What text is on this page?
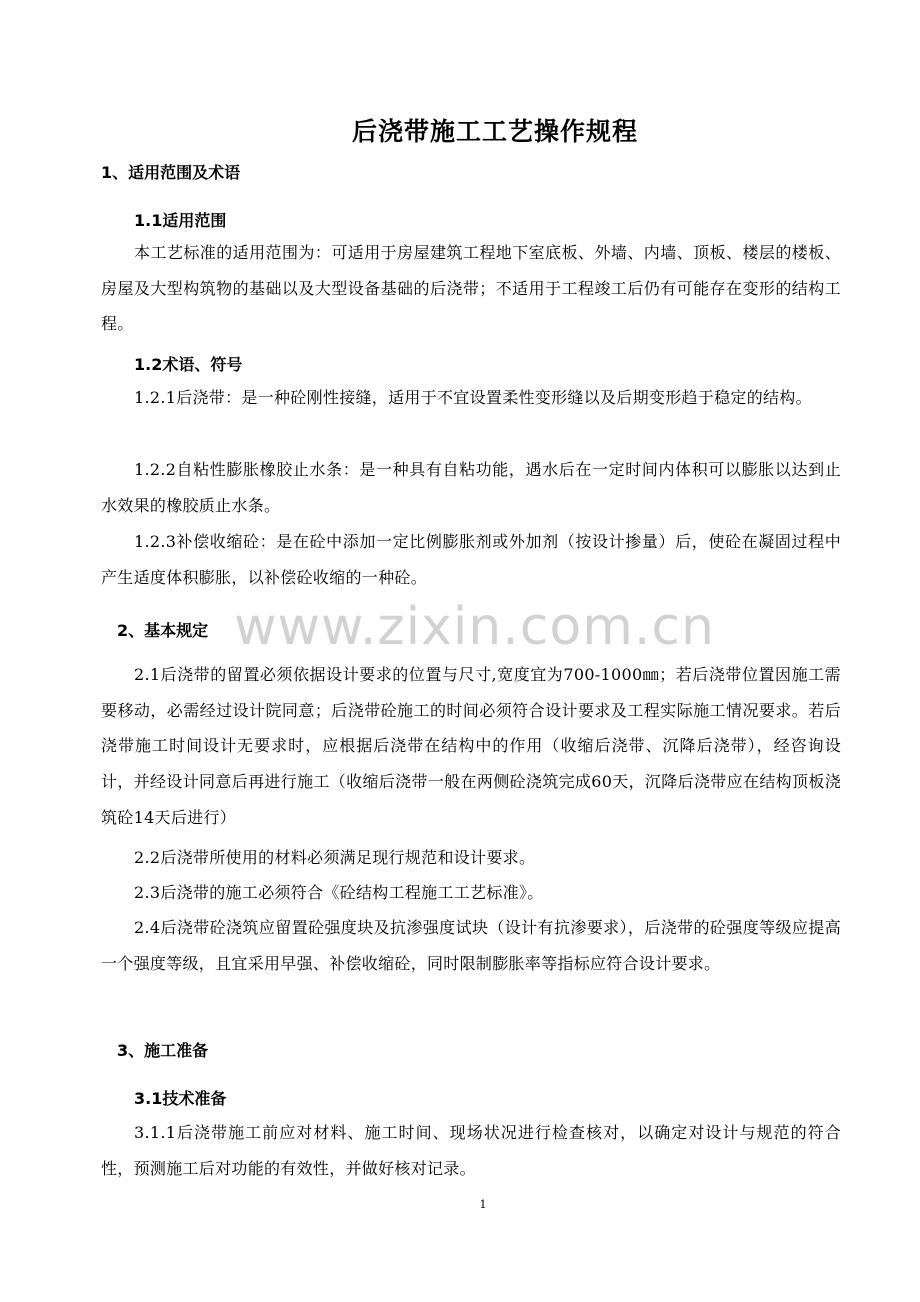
后浇带施工工艺操作规程
1、适用范围及术语
1.1适用范围
本工艺标准的适用范围为：可适用于房屋建筑工程地下室底板、外墙、内墙、顶板、楼层的楼板、房屋及大型构筑物的基础以及大型设备基础的后浇带；不适用于工程竣工后仍有可能存在变形的结构工程。
1.2术语、符号
1.2.1后浇带：是一种砼刚性接缝，适用于不宜设置柔性变形缝以及后期变形趋于稳定的结构。
1.2.2自粘性膨胀橡胶止水条：是一种具有自粘功能，遇水后在一定时间内体积可以膨胀以达到止水效果的橡胶质止水条。
1.2.3补偿收缩砼：是在砼中添加一定比例膨胀剂或外加剂（按设计掺量）后，使砼在凝固过程中产生适度体积膨胀，以补偿砼收缩的一种砼。
www.zixin.com.cn
2、基本规定
2.1后浇带的留置必须依据设计要求的位置与尺寸,宽度宜为700-1000㎜；若后浇带位置因施工需要移动，必需经过设计院同意；后浇带砼施工的时间必须符合设计要求及工程实际施工情况要求。若后浇带施工时间设计无要求时，应根据后浇带在结构中的作用（收缩后浇带、沉降后浇带），经咨询设计，并经设计同意后再进行施工（收缩后浇带一般在两侧砼浇筑完成60天，沉降后浇带应在结构顶板浇筑砼14天后进行）
2.2后浇带所使用的材料必须满足现行规范和设计要求。
2.3后浇带的施工必须符合《砼结构工程施工工艺标准》。
2.4后浇带砼浇筑应留置砼强度块及抗渗强度试块（设计有抗渗要求），后浇带的砼强度等级应提高一个强度等级，且宜采用早强、补偿收缩砼，同时限制膨胀率等指标应符合设计要求。
3、施工准备
3.1技术准备
3.1.1后浇带施工前应对材料、施工时间、现场状况进行检查核对，以确定对设计与规范的符合性，预测施工后对功能的有效性，并做好核对记录。
1
